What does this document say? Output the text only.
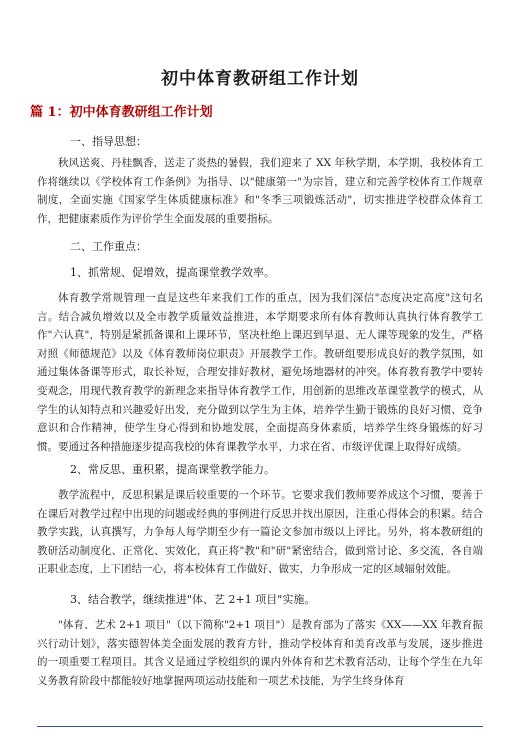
初中体育教研组工作计划
篇 1：初中体育教研组工作计划
一、指导思想：
秋风送爽、丹桂飘香，送走了炎热的暑假，我们迎来了 XX 年秋学期，本学期，我校体育工作将继续以《学校体育工作条例》为指导、以"健康第一"为宗旨，建立和完善学校体育工作规章制度，全面实施《国家学生体质健康标准》和"冬季三项锻炼活动"，切实推进学校群众体育工作，把健康素质作为评价学生全面发展的重要指标。
二、工作重点：
1、抓常规、促增效，提高课堂教学效率。
体育教学常规管理一直是这些年来我们工作的重点，因为我们深信"态度决定高度"这句名言。结合减负增效以及全市教学质量效益推进，本学期要求所有体育教师认真执行体育教学工作"六认真"，特别是紧抓备课和上课环节，坚决杜绝上课迟到早退、无人课等现象的发生，严格对照《师德规范》以及《体育教师岗位职责》开展教学工作。教研组要形成良好的教学氛围，如通过集体备课等形式，取长补短，合理安排好教材，避免场地器材的冲突。体育教育教学中要转变观念，用现代教育教学的新理念来指导体育教学工作，用创新的思维改革课堂教学的模式，从学生的认知特点和兴趣爱好出发，充分做到以学生为主体，培养学生勤于锻炼的良好习惯、竞争意识和合作精神，使学生身心得到和协地发展，全面提高身体素质，培养学生终身锻炼的好习惯。要通过各种措施逐步提高我校的体育课教学水平，力求在省、市级评优课上取得好成绩。
2、常反思、重积累，提高课堂教学能力。
教学流程中，反思积累是课后较重要的一个环节。它要求我们教师要养成这个习惯，要善于在课后对教学过程中出现的问题或经典的事例进行反思并找出原因，注重心得体会的积累。结合教学实践，认真撰写，力争每人每学期至少有一篇论文参加市级以上评比。另外，将本教研组的教研活动制度化、正常化、实效化，真正将"教"和"研"紧密结合，做到常讨论、多交流，各自端正职业态度，上下团结一心，将本校体育工作做好、做实，力争形成一定的区域辐射效能。
3、结合教学，继续推进"体、艺 2+1 项目"实施。
"体育、艺术 2+1 项目"（以下简称"2+1 项目"）是教育部为了落实《XX——XX 年教育振兴行动计划》，落实德智体美全面发展的教育方针，推动学校体育和美育改革与发展，逐步推进的一项重要工程项目。其含义是通过学校组织的课内外体育和艺术教育活动，让每个学生在九年义务教育阶段中都能较好地掌握两项运动技能和一项艺术技能，为学生终身体育
